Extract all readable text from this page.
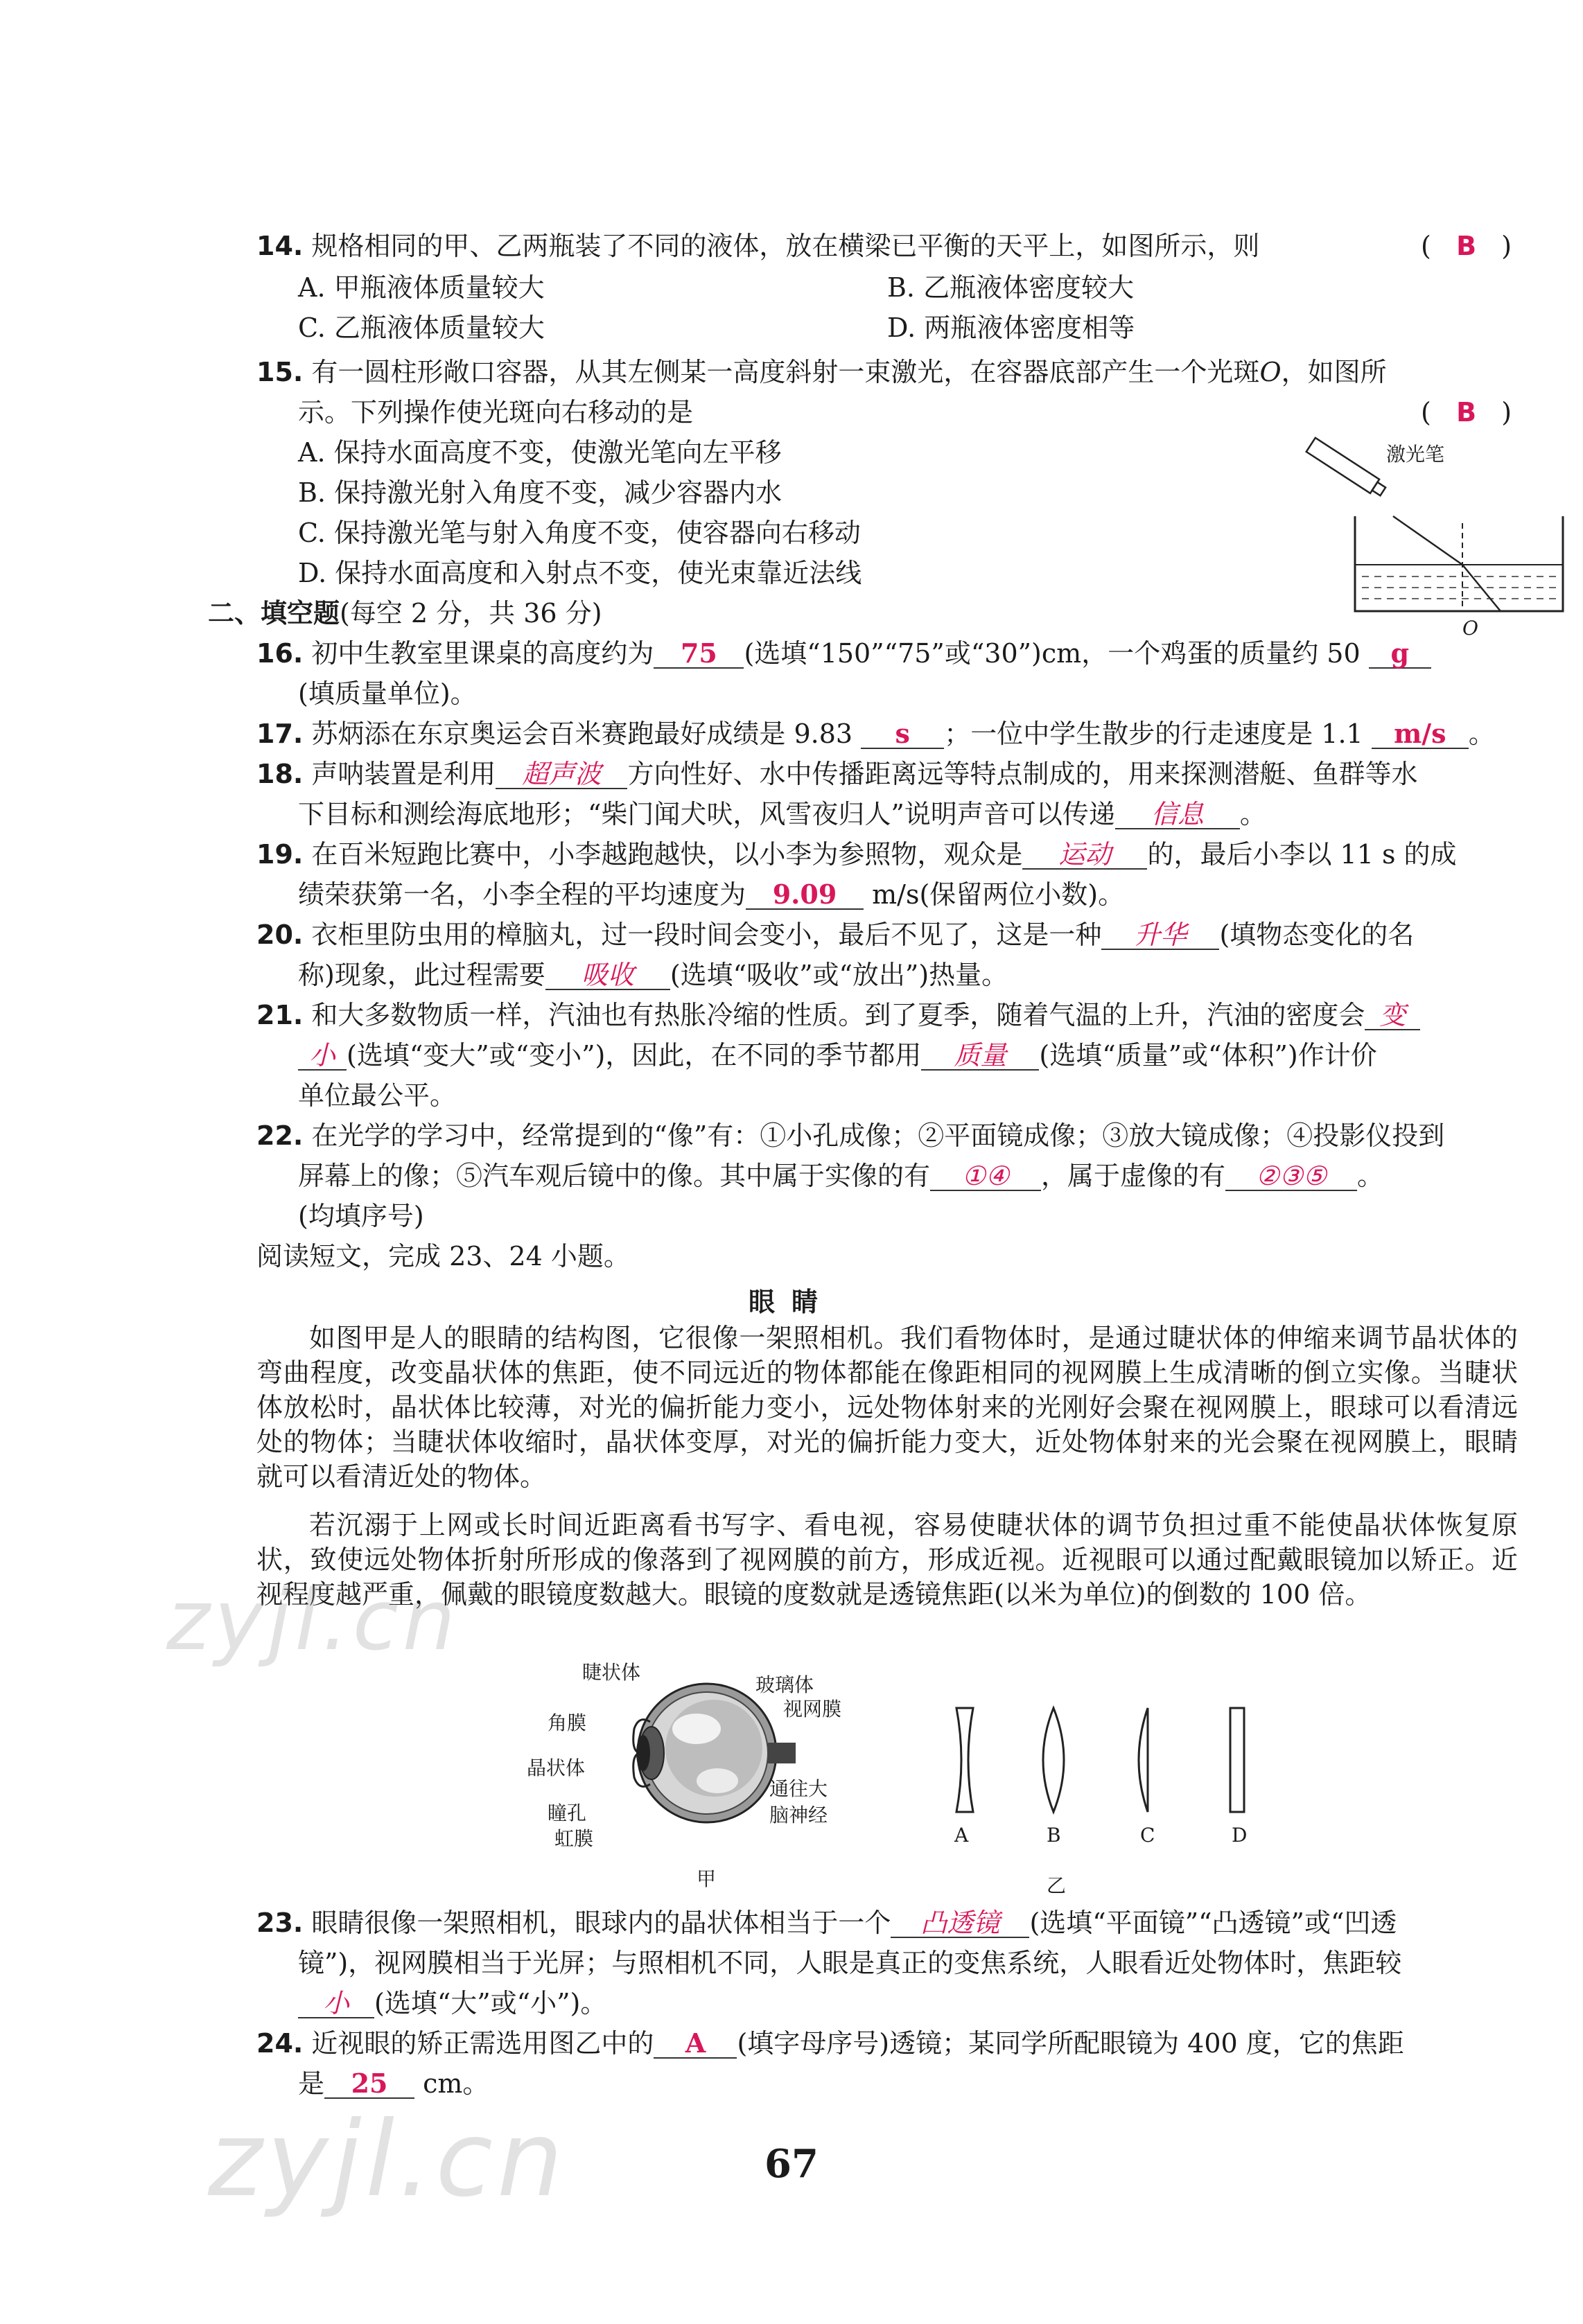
14. 规格相同的甲、乙两瓶装了不同的液体，放在横梁已平衡的天平上，如图所示，则	(   B   )
A. 甲瓶液体质量较大	B. 乙瓶液体密度较大
C. 乙瓶液体质量较大	D. 两瓶液体密度相等
15. 有一圆柱形敞口容器，从其左侧某一高度斜射一束激光，在容器底部产生一个光斑O，如图所
示。下列操作使光斑向右移动的是	(   B   )
A. 保持水面高度不变，使激光笔向左平移
B. 保持激光射入角度不变，减少容器内水
C. 保持激光笔与射入角度不变，使容器向右移动
D. 保持水面高度和入射点不变，使光束靠近法线
激光笔
O
二、填空题(每空 2 分，共 36 分)
16. 初中生教室里课桌的高度约为 75 (选填“150”“75”或“30”)cm，一个鸡蛋的质量约 50 g
(填质量单位)。
17. 苏炳添在东京奥运会百米赛跑最好成绩是 9.83 s ；一位中学生散步的行走速度是 1.1 m/s 。
18. 声呐装置是利用 超声波 方向性好、水中传播距离远等特点制成的，用来探测潜艇、鱼群等水
下目标和测绘海底地形；“柴门闻犬吠，风雪夜归人”说明声音可以传递 信息 。
19. 在百米短跑比赛中，小李越跑越快，以小李为参照物，观众是 运动 的，最后小李以 11 s 的成
绩荣获第一名，小李全程的平均速度为 9.09 m/s(保留两位小数)。
20. 衣柜里防虫用的樟脑丸，过一段时间会变小，最后不见了，这是一种 升华 (填物态变化的名
称)现象，此过程需要 吸收 (选填“吸收”或“放出”)热量。
21. 和大多数物质一样，汽油也有热胀冷缩的性质。到了夏季，随着气温的上升，汽油的密度会 变
小 (选填“变大”或“变小”)，因此，在不同的季节都用 质量 (选填“质量”或“体积”)作计价
单位最公平。
22. 在光学的学习中，经常提到的“像”有：①小孔成像；②平面镜成像；③放大镜成像；④投影仪投到
屏幕上的像；⑤汽车观后镜中的像。其中属于实像的有 ①④ ，属于虚像的有 ②③⑤ 。
(均填序号)
阅读短文，完成 23、24 小题。
眼睛
如图甲是人的眼睛的结构图，它很像一架照相机。我们看物体时，是通过睫状体的伸缩来调节晶状体的弯曲程度，改变晶状体的焦距，使不同远近的物体都能在像距相同的视网膜上生成清晰的倒立实像。当睫状体放松时，晶状体比较薄，对光的偏折能力变小，远处物体射来的光刚好会聚在视网膜上，眼球可以看清远处的物体；当睫状体收缩时，晶状体变厚，对光的偏折能力变大，近处物体射来的光会聚在视网膜上，眼睛就可以看清近处的物体。
若沉溺于上网或长时间近距离看书写字、看电视，容易使睫状体的调节负担过重不能使晶状体恢复原状，致使远处物体折射所形成的像落到了视网膜的前方，形成近视。近视眼可以通过配戴眼镜加以矫正。近视程度越严重，佩戴的眼镜度数越大。眼镜的度数就是透镜焦距(以米为单位)的倒数的 100 倍。
睫状体
玻璃体
视网膜
角膜
晶状体
通往大
脑神经
瞳孔
虹膜
甲
A	B	C	D
乙
23. 眼睛很像一架照相机，眼球内的晶状体相当于一个 凸透镜 (选填“平面镜”“凸透镜”或“凹透
镜”)，视网膜相当于光屏；与照相机不同，人眼是真正的变焦系统，人眼看近处物体时，焦距较
小 (选填“大”或“小”)。
24. 近视眼的矫正需选用图乙中的 A (填字母序号)透镜；某同学所配眼镜为 400 度，它的焦距
是 25 cm。
67
zyjl.cn
zyjl.cn
